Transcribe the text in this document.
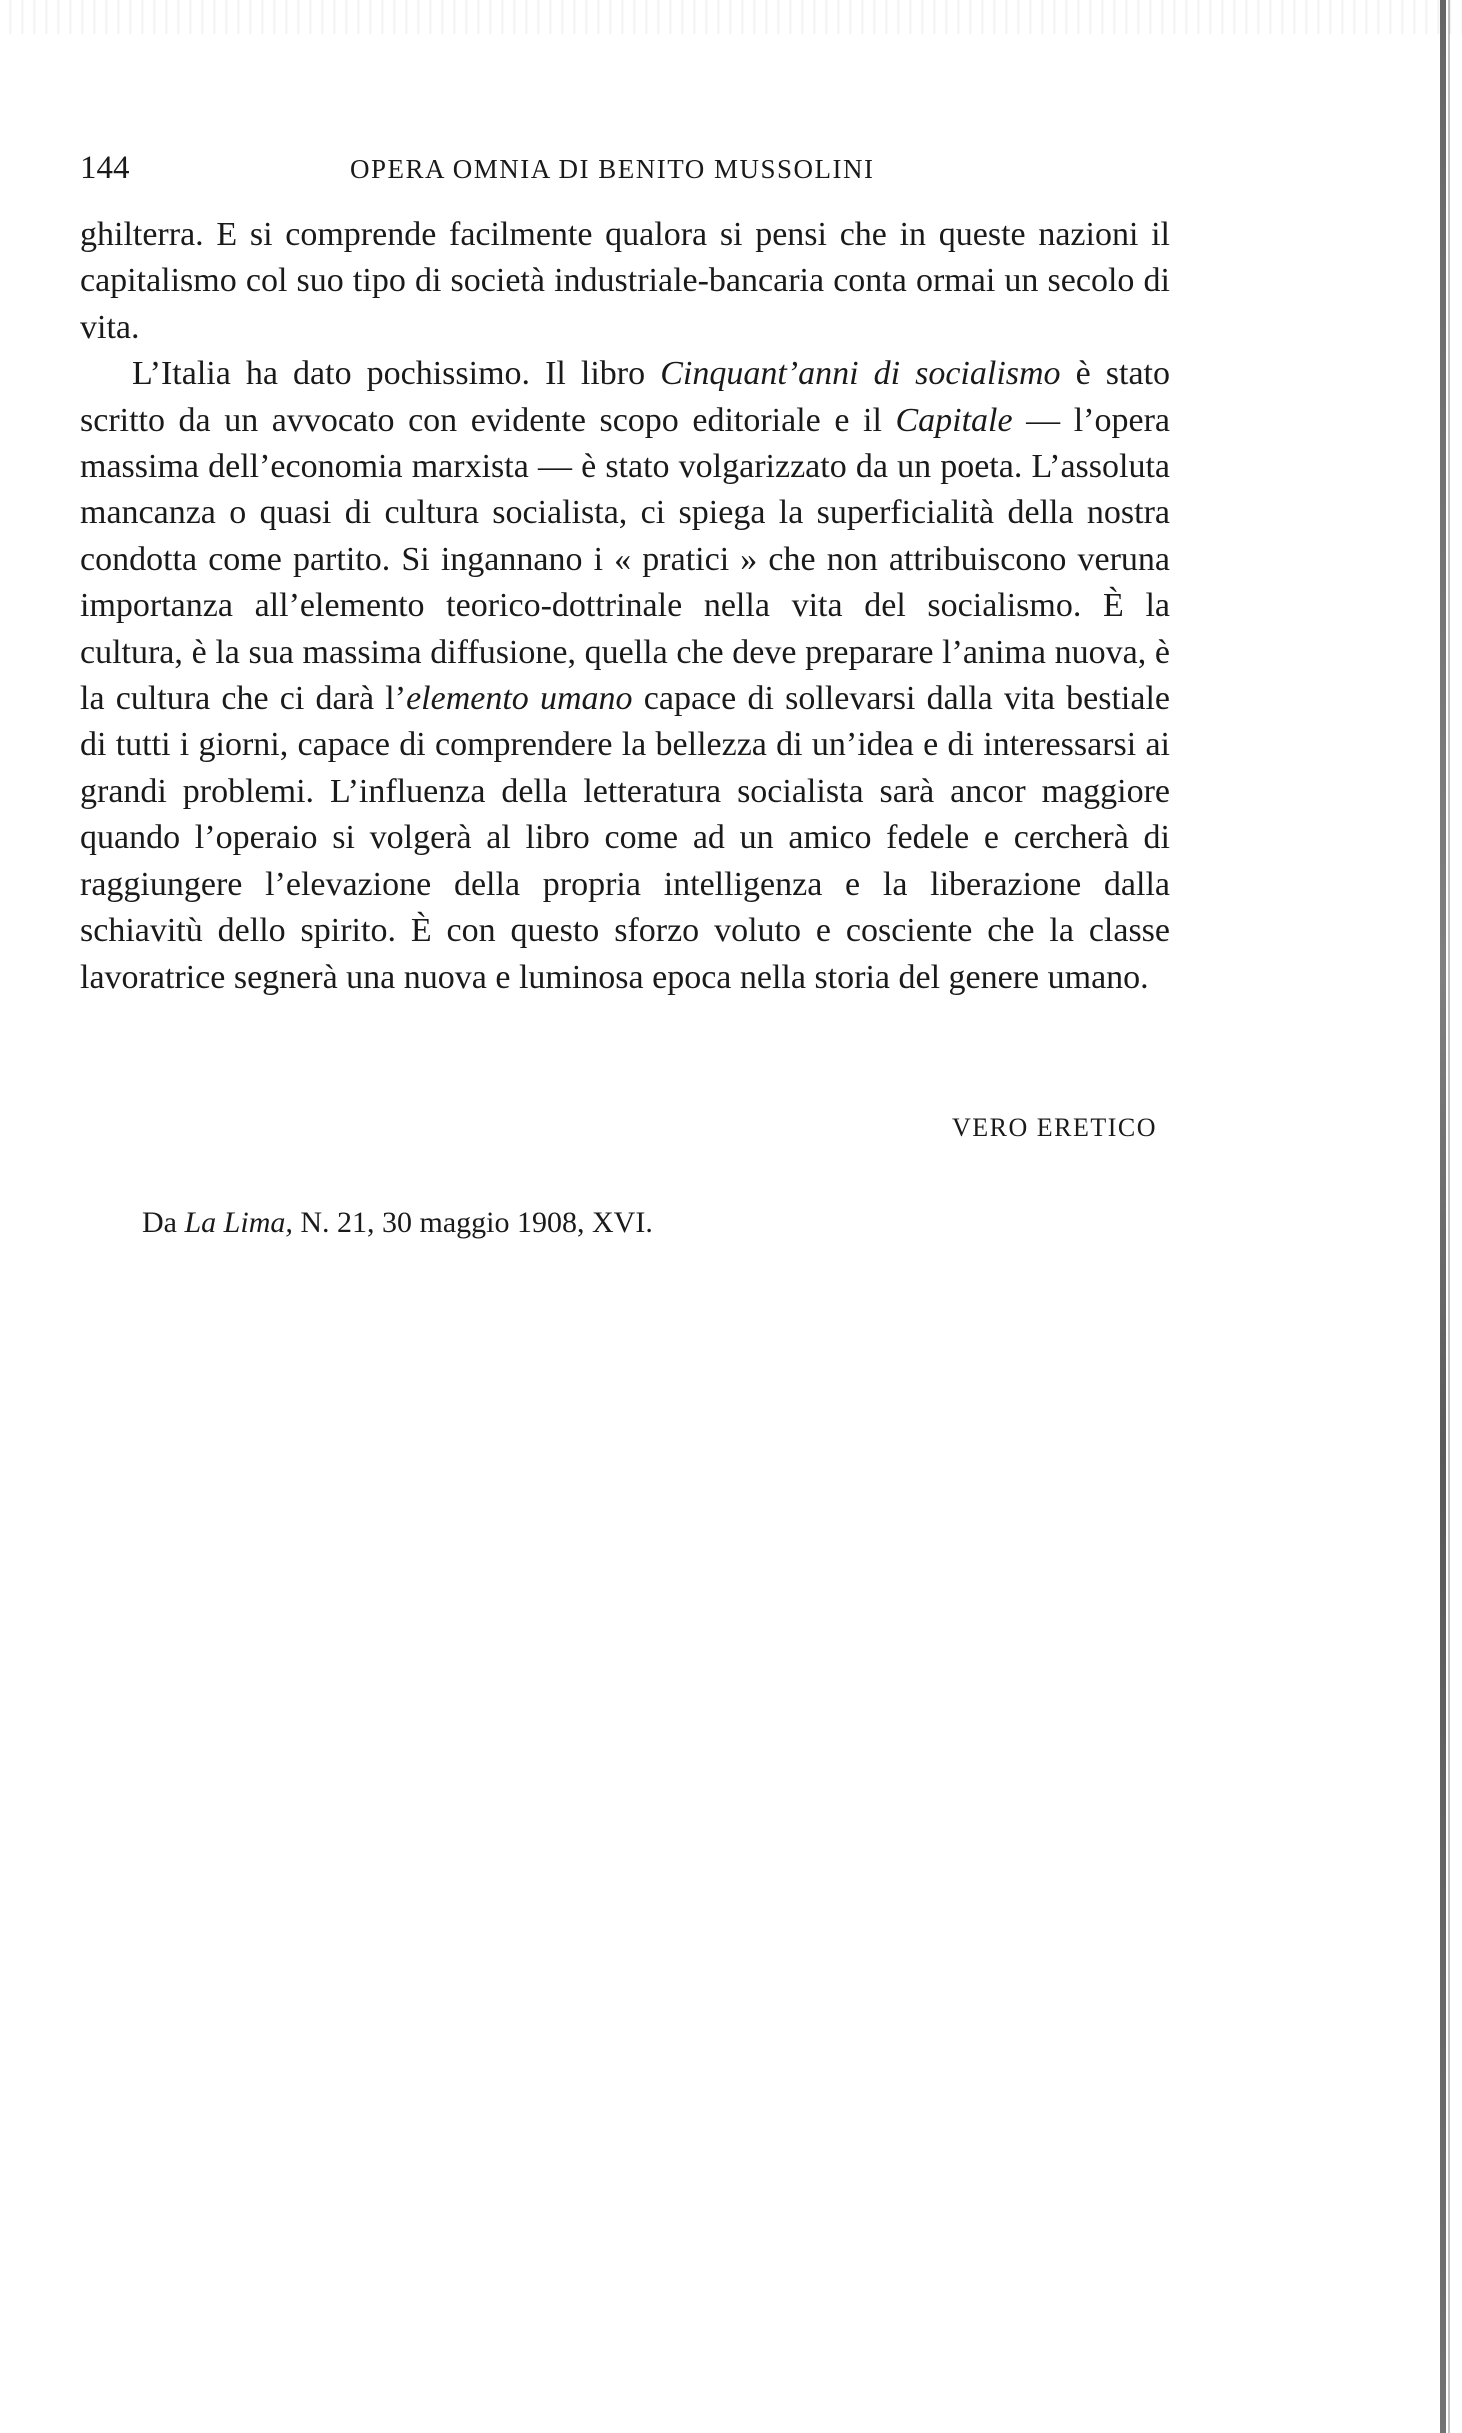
144	OPERA OMNIA DI BENITO MUSSOLINI

ghilterra. E si comprende facilmente qualora si pensi che in queste nazioni il capitalismo col suo tipo di società industriale-bancaria conta ormai un secolo di vita.

L’Italia ha dato pochissimo. Il libro Cinquant’anni di socialismo è stato scritto da un avvocato con evidente scopo editoriale e il Capitale — l’opera massima dell’economia marxista — è stato volgarizzato da un poeta. L’assoluta mancanza o quasi di cultura socialista, ci spiega la superficialità della nostra condotta come partito. Si ingannano i « pratici » che non attribuiscono veruna importanza all’elemento teorico-dottrinale nella vita del socialismo. È la cultura, è la sua massima diffusione, quella che deve preparare l’anima nuova, è la cultura che ci darà l’elemento umano capace di sollevarsi dalla vita bestiale di tutti i giorni, capace di comprendere la bellezza di un’idea e di interessarsi ai grandi problemi. L’influenza della letteratura socialista sarà ancor maggiore quando l’operaio si volgerà al libro come ad un amico fedele e cercherà di raggiungere l’elevazione della propria intelligenza e la liberazione dalla schiavitù dello spirito. È con questo sforzo voluto e cosciente che la classe lavoratrice segnerà una nuova e luminosa epoca nella storia del genere umano.

VERO ERETICO
Da La Lima, N. 21, 30 maggio 1908, XVI.
